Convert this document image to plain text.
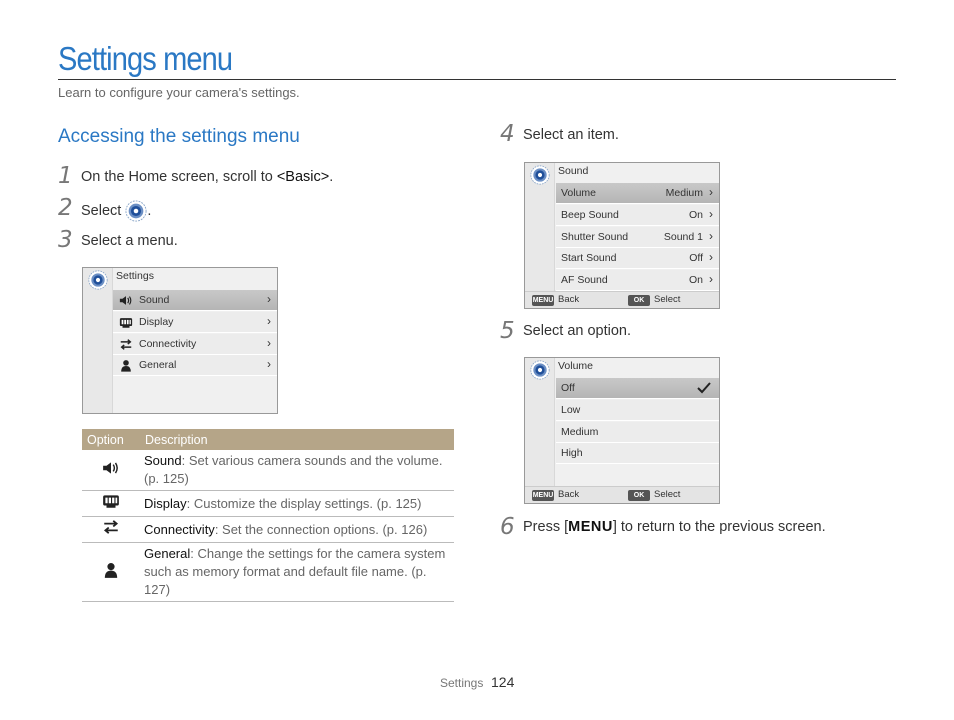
Settings menu
Learn to configure your camera's settings.
Accessing the settings menu
1 On the Home screen, scroll to <Basic>.
2 Select .
3 Select a menu.
Settings
Sound	›
Display	›
Connectivity	›
General	›
Option	Description
	Sound: Set various camera sounds and the volume. (p. 125)
	Display: Customize the display settings. (p. 125)
	Connectivity: Set the connection options. (p. 126)
	General: Change the settings for the camera system such as memory format and default file name. (p. 127)
4 Select an item.
Sound
Volume	Medium ›
Beep Sound	On ›
Shutter Sound	Sound 1 ›
Start Sound	Off ›
AF Sound	On ›
MENU Back	OK	Select
5 Select an option.
Volume
Off
Low
Medium
High
MENU Back	OK	Select
6 Press [MENU] to return to the previous screen.
Settings 124
